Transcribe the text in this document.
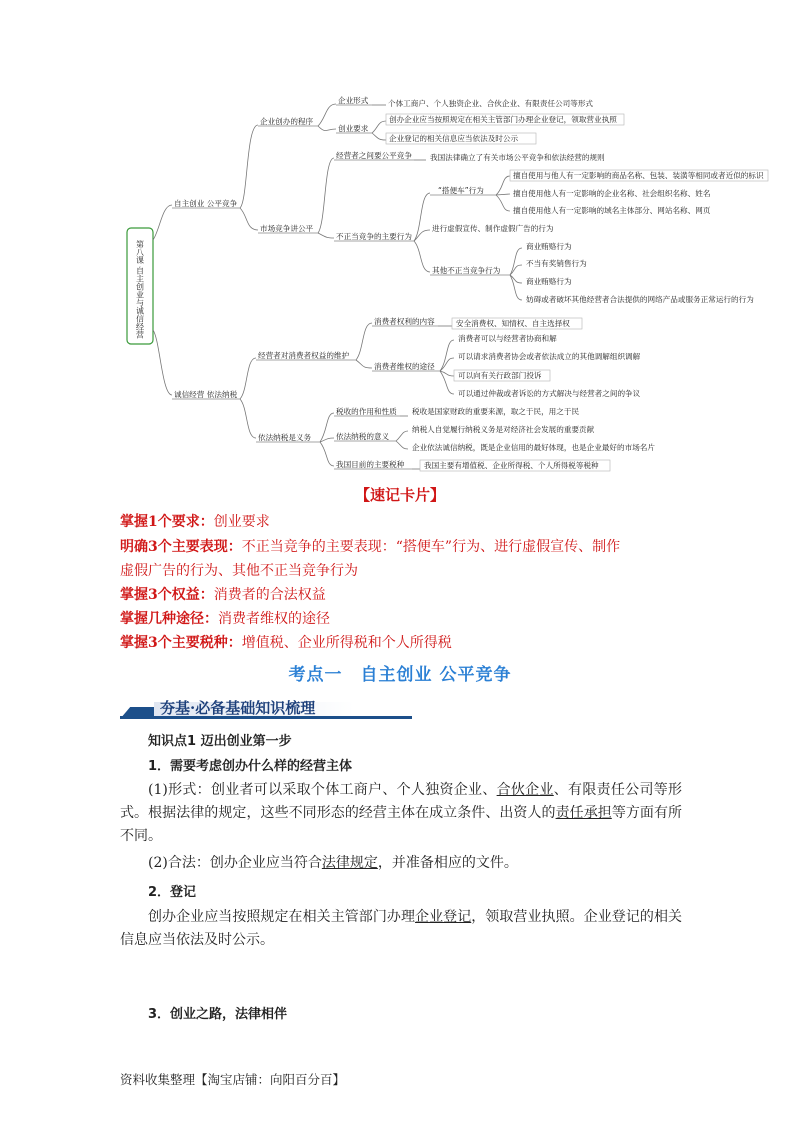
第八课 自主创业与诚信经营
自主创业 公平竞争
企业创办的程序
企业形式	个体工商户、个人独资企业、合伙企业、有限责任公司等形式
创业要求
创办企业应当按照规定在相关主管部门办理企业登记，领取营业执照
企业登记的相关信息应当依法及时公示
市场竞争讲公平
经营者之间要公平竞争 我国法律确立了有关市场公平竞争和依法经营的规则
不正当竞争的主要行为
“搭便车”行为
擅自使用与他人有一定影响的商品名称、包装、装潢等相同或者近似的标识
擅自使用他人有一定影响的企业名称、社会组织名称、姓名
擅自使用他人有一定影响的域名主体部分、网站名称、网页
进行虚假宣传、制作虚假广告的行为
其他不正当竞争行为
商业贿赂行为
不当有奖销售行为
商业贿赂行为
妨碍或者破坏其他经营者合法提供的网络产品或服务正常运行的行为
诚信经营 依法纳税
经营者对消费者权益的维护
消费者权利的内容	安全消费权、知情权、自主选择权
消费者维权的途径
消费者可以与经营者协商和解
可以请求消费者协会或者依法成立的其他调解组织调解
可以向有关行政部门投诉
可以通过仲裁或者诉讼的方式解决与经营者之间的争议
依法纳税是义务
税收的作用和性质 税收是国家财政的重要来源，取之于民，用之于民
依法纳税的意义
纳税人自觉履行纳税义务是对经济社会发展的重要贡献
企业依法诚信纳税，既是企业信用的最好体现，也是企业最好的市场名片
我国目前的主要税种	我国主要有增值税、企业所得税、个人所得税等税种
【速记卡片】
掌握1个要求：创业要求
明确3个主要表现：不正当竞争的主要表现：“搭便车”行为、进行虚假宣传、制作
虚假广告的行为、其他不正当竞争行为
掌握3个权益：消费者的合法权益
掌握几种途径：消费者维权的途径
掌握3个主要税种：增值税、企业所得税和个人所得税
考点一　自主创业 公平竞争
夯基·必备基础知识梳理
知识点1 迈出创业第一步
1．需要考虑创办什么样的经营主体
(1)形式：创业者可以采取个体工商户、个人独资企业、合伙企业、有限责任公司等形式。根据法律的规定，这些不同形态的经营主体在成立条件、出资人的责任承担等方面有所不同。
(2)合法：创办企业应当符合法律规定，并准备相应的文件。
2．登记
创办企业应当按照规定在相关主管部门办理企业登记，领取营业执照。企业登记的相关信息应当依法及时公示。
3．创业之路，法律相伴
资料收集整理【淘宝店铺：向阳百分百】
